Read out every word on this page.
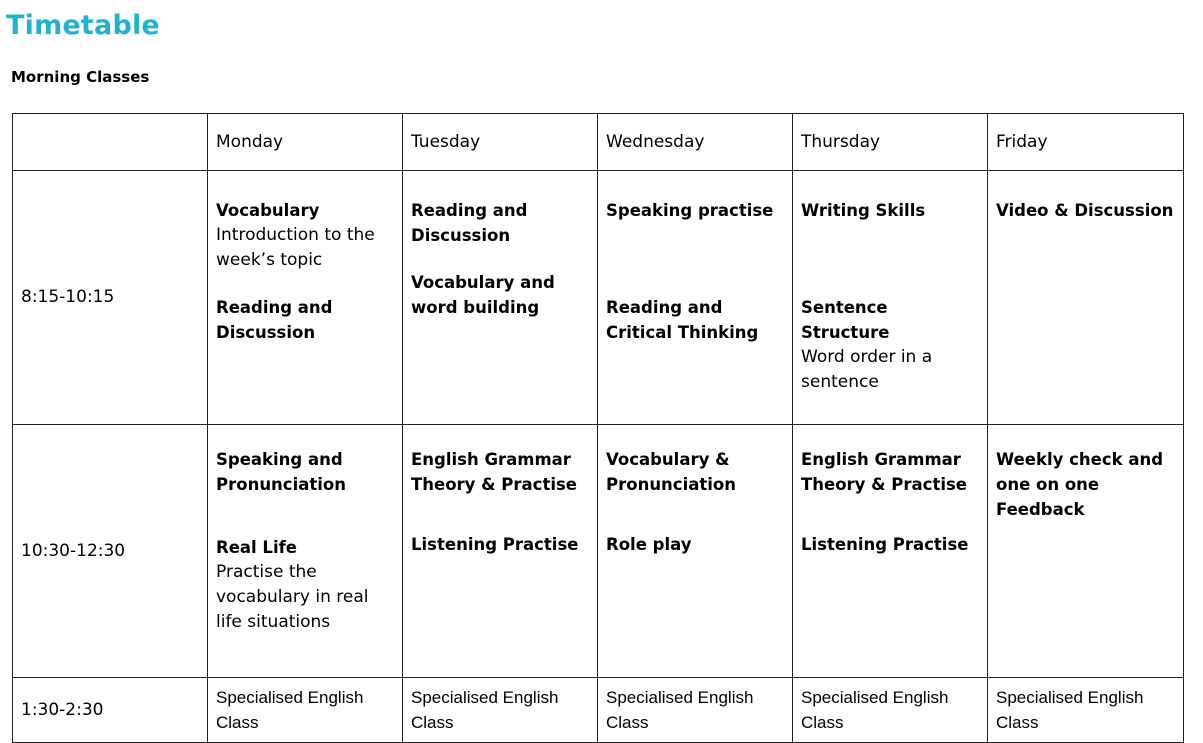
Timetable
Morning Classes
	Monday	Tuesday	Wednesday	Thursday	Friday
8:15-10:15	Vocabulary
Introduction to the week’s topic
Reading and Discussion	Reading and Discussion
Vocabulary and word building	Speaking practise
Reading and Critical Thinking	Writing Skills
Sentence Structure
Word order in a sentence	Video & Discussion

10:30-12:30	Speaking and Pronunciation
Real Life
Practise the vocabulary in real life situations	English Grammar Theory & Practise
Listening Practise	Vocabulary & Pronunciation
Role play	English Grammar Theory & Practise
Listening Practise	Weekly check and one on one Feedback

1:30-2:30	Specialised English Class	Specialised English Class	Specialised English Class	Specialised English Class	Specialised English Class
